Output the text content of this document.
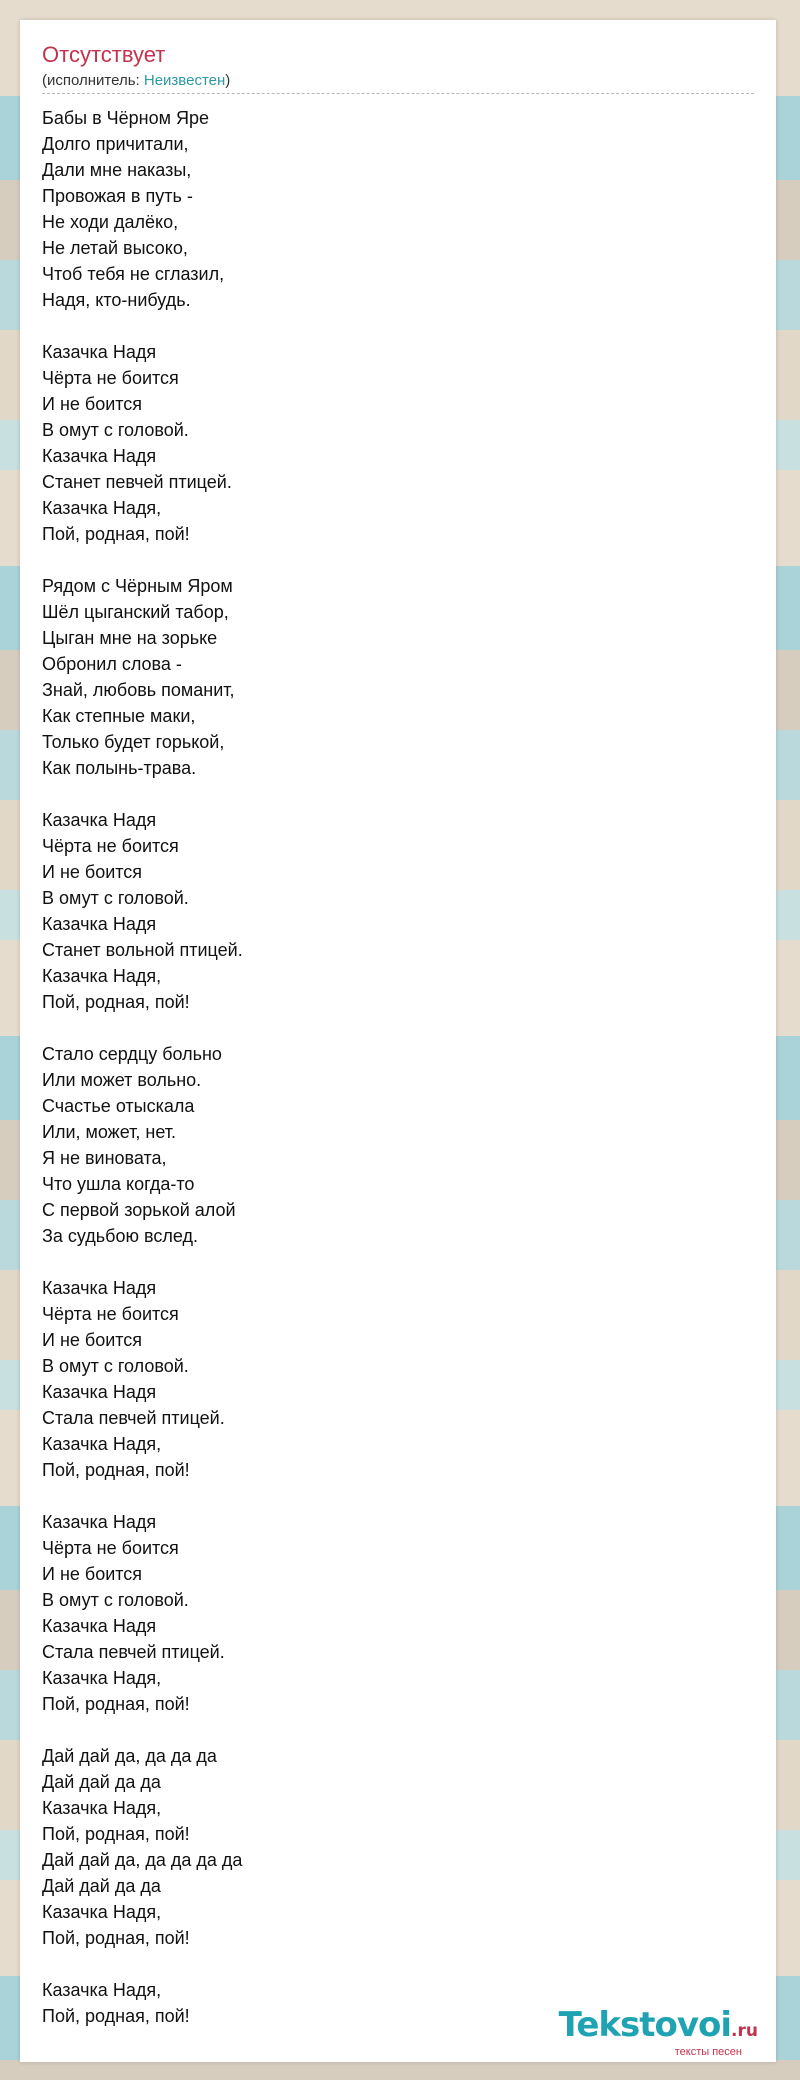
Отсутствует
(исполнитель: Неизвестен)
Бабы в Чёрном Яре
Долго причитали,
Дали мне наказы,
Провожая в путь -
Не ходи далёко,
Не летай высоко,
Чтоб тебя не сглазил,
Надя, кто-нибудь.
Казачка Надя
Чёрта не боится
И не боится
В омут с головой.
Казачка Надя
Станет певчей птицей.
Казачка Надя,
Пой, родная, пой!
Рядом с Чёрным Яром
Шёл цыганский табор,
Цыган мне на зорьке
Обронил слова -
Знай, любовь поманит,
Как степные маки,
Только будет горькой,
Как полынь-трава.
Казачка Надя
Чёрта не боится
И не боится
В омут с головой.
Казачка Надя
Станет вольной птицей.
Казачка Надя,
Пой, родная, пой!
Стало сердцу больно
Или может вольно.
Счастье отыскала
Или, может, нет.
Я не виновата,
Что ушла когда-то
С первой зорькой алой
За судьбою вслед.
Казачка Надя
Чёрта не боится
И не боится
В омут с головой.
Казачка Надя
Стала певчей птицей.
Казачка Надя,
Пой, родная, пой!
Казачка Надя
Чёрта не боится
И не боится
В омут с головой.
Казачка Надя
Стала певчей птицей.
Казачка Надя,
Пой, родная, пой!
Дай дай да, да да да
Дай дай да да
Казачка Надя,
Пой, родная, пой!
Дай дай да, да да да да
Дай дай да да
Казачка Надя,
Пой, родная, пой!
Казачка Надя,
Пой, родная, пой!	Tekstovoi.ru
тексты песен
